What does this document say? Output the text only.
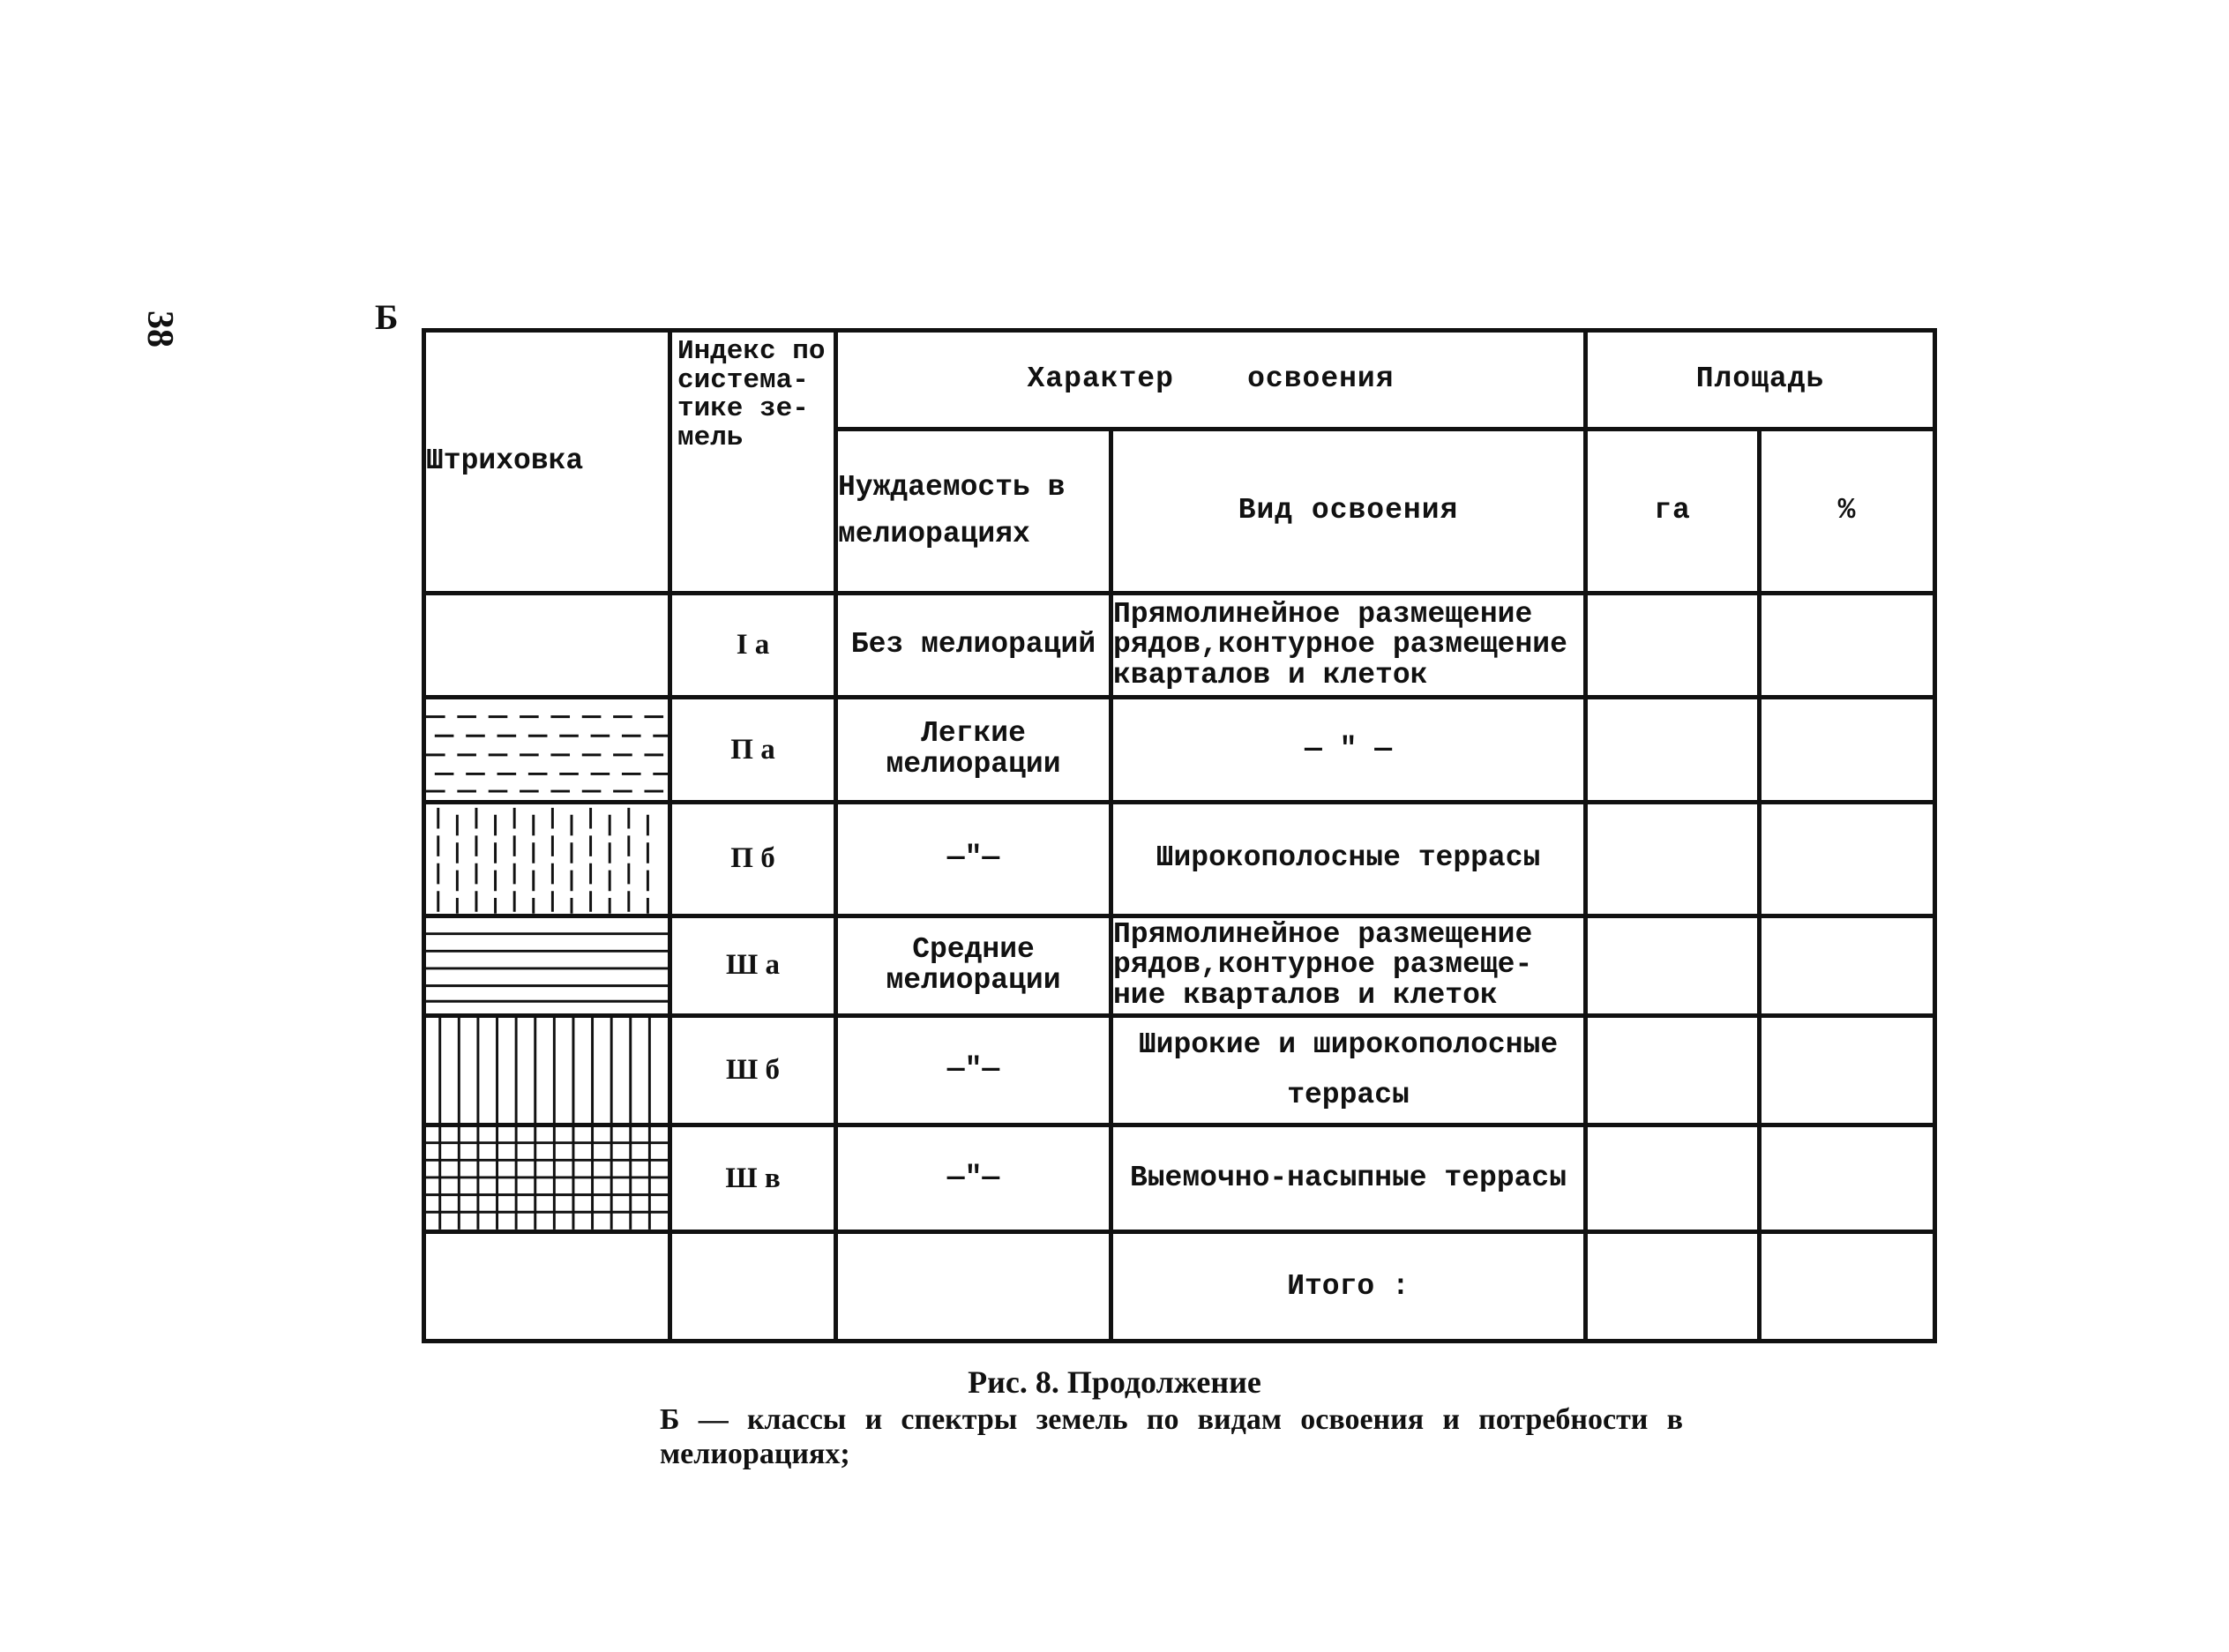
38	Б
Штриховка	Индекс по система-тике зе-мель	Характер    освоения		Площадь	
		Нуждаемость в мелиорациях	Вид освоения	га	%
	I а	Без мелиораций	Прямолинейное размещение рядов,контурное размещение кварталов и клеток		

	П а	Легкие мелиорации	— " —		

	П б	—"—	Широкополосные террасы		

	Ш а	Средние мелиорации	Прямолинейное размещение рядов,контурное размеще-ние кварталов и клеток		

	Ш б	—"—	Широкие и широкополосные террасы		

	Ш в	—"—	Выемочно-насыпные террасы		
			Итого :		
Рис. 8. Продолжение
Б — классы и спектры земель по видам освоения и потребности в мелиорациях;
